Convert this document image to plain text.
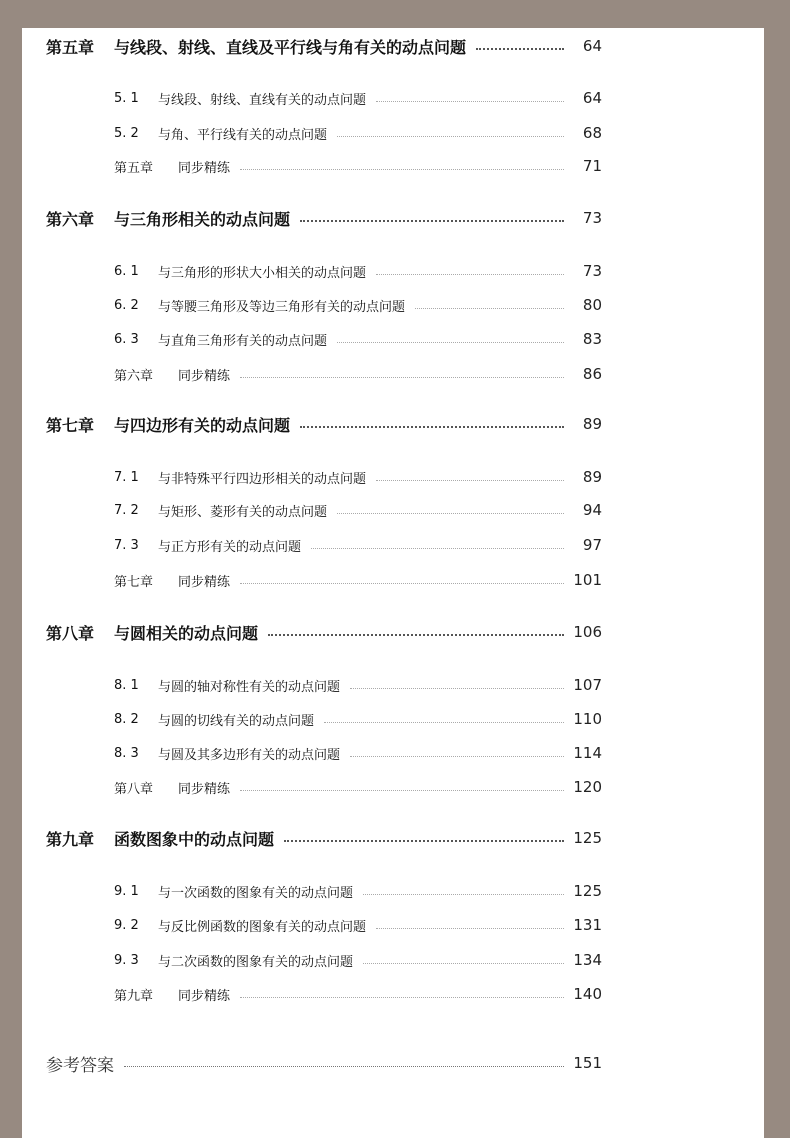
第五章	与线段、射线、直线及平行线与角有关的动点问题	64
5. 1	与线段、射线、直线有关的动点问题	64
5. 2	与角、平行线有关的动点问题	68
第五章	同步精练	71
第六章	与三角形相关的动点问题	73
6. 1	与三角形的形状大小相关的动点问题	73
6. 2	与等腰三角形及等边三角形有关的动点问题	80
6. 3	与直角三角形有关的动点问题	83
第六章	同步精练	86
第七章	与四边形有关的动点问题	89
7. 1	与非特殊平行四边形相关的动点问题	89
7. 2	与矩形、菱形有关的动点问题	94
7. 3	与正方形有关的动点问题	97
第七章	同步精练	101
第八章	与圆相关的动点问题	106
8. 1	与圆的轴对称性有关的动点问题	107
8. 2	与圆的切线有关的动点问题	110
8. 3	与圆及其多边形有关的动点问题	114
第八章	同步精练	120
第九章	函数图象中的动点问题	125
9. 1	与一次函数的图象有关的动点问题	125
9. 2	与反比例函数的图象有关的动点问题	131
9. 3	与二次函数的图象有关的动点问题	134
第九章	同步精练	140
参考答案	151
